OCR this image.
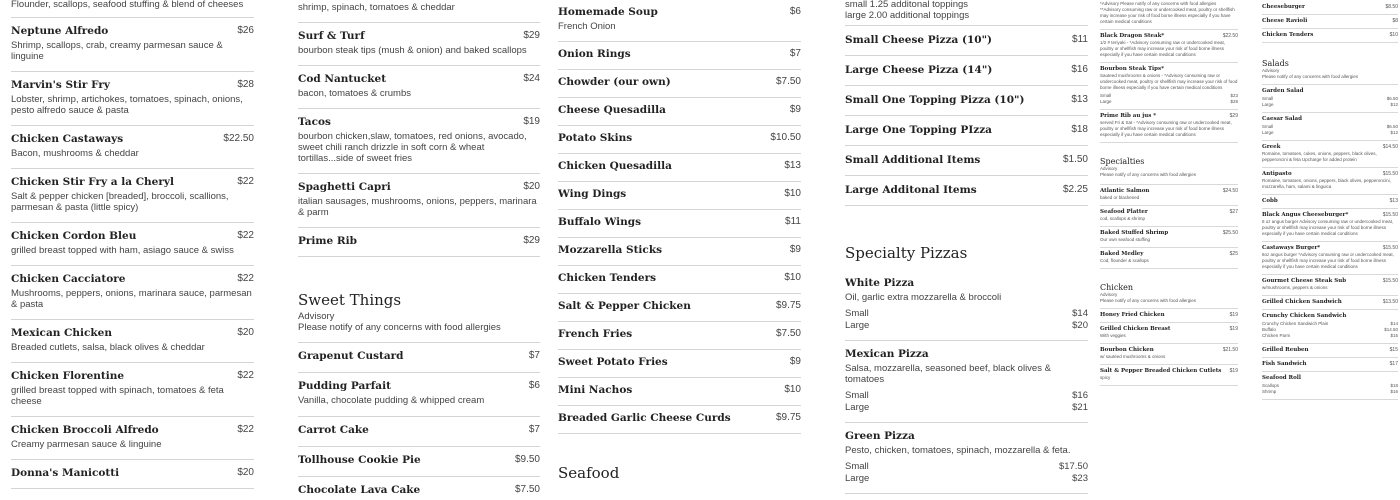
Flounder, scallops, seafood stuffing & blend of cheeses
Neptune Alfredo
Shrimp, scallops, crab, creamy parmesan sauce & linguine
$26
Marvin's Stir Fry
Lobster, shrimp, artichokes, tomatoes, spinach, onions, pesto alfredo sauce & pasta
$28
Chicken Castaways
Bacon, mushrooms & cheddar
$22.50
Chicken Stir Fry a la Cheryl
Salt & pepper chicken [breaded], broccoli, scallions, parmesan & pasta (little spicy)
$22
Chicken Cordon Bleu
grilled breast topped with ham, asiago sauce & swiss
$22
Chicken Cacciatore
Mushrooms, peppers, onions, marinara sauce, parmesan & pasta
$22
Mexican Chicken
Breaded cutlets, salsa, black olives & cheddar
$20
Chicken Florentine
grilled breast topped with spinach, tomatoes & feta cheese
$22
Chicken Broccoli Alfredo
Creamy parmesan sauce & linguine
$22
Donna's Manicotti	$20
shrimp, spinach, tomatoes & cheddar
Surf & Turf
bourbon steak tips (mush & onion) and baked scallops
$29
Cod Nantucket
bacon, tomatoes & crumbs
$24
Tacos
bourbon chicken,slaw, tomatoes, red onions, avocado, sweet chili ranch drizzle in soft corn & wheat tortillas...side of sweet fries
$19
Spaghetti Capri
italian sausages, mushrooms, onions, peppers, marinara & parm
$20
Prime Rib	$29
Sweet Things
Advisory
Please notify of any concerns with food allergies
Grapenut Custard	$7
Pudding Parfait
Vanilla, chocolate pudding & whipped cream
$6
Carrot Cake	$7
Tollhouse Cookie Pie	$9.50
Chocolate Lava Cake	$7.50
Homemade Soup
French Onion
$6
Onion Rings	$7
Chowder (our own)	$7.50
Cheese Quesadilla	$9
Potato Skins	$10.50
Chicken Quesadilla	$13
Wing Dings	$10
Buffalo Wings	$11
Mozzarella Sticks	$9
Chicken Tenders	$10
Salt & Pepper Chicken	$9.75
French Fries	$7.50
Sweet Potato Fries	$9
Mini Nachos	$10
Breaded Garlic Cheese Curds	$9.75
Seafood
small 1.25 additonal toppings
large 2.00 additional toppings
Small Cheese Pizza (10")	$11
Large Cheese Pizza (14")	$16
Small One Topping Pizza (10")	$13
Large One Topping PIzza	$18
Small Additional Items	$1.50
Large Additonal Items	$2.25
Specialty Pizzas
White Pizza
Oil, garlic extra mozzarella & broccoli
Small	$14
Large	$20
Mexican Pizza
Salsa, mozzarella, seasoned beef, black olives & tomatoes
Small	$16
Large	$21
Green Pizza
Pesto, chicken, tomatoes, spinach, mozzarella & feta.
Small	$17.50
Large	$23
*Advisory Please notify of any concerns with food allergies **Advisory consuming raw or undercooked meat, poultry or shellfish may increase your risk of food borne illness especially if you have certain medical conditions
Black Dragon Steak*
1/2 # teriyaki - *Advisory consuming raw or undercooked meat, poultry or shellfish may increase your risk of food borne illness especially if you have certain medical conditions
$22.50
Bourbon Steak Tips*
Sauteed mushrooms & onions - *Advisory consuming raw or undercooked meat, poultry or shellfish may increase your risk of food borne illness especially if you have certain medical conditions
Small	$23
Large	$28
Prime Rib au jus *
served Fri & Sat - *Advisory consuming raw or undercooked meat, poultry or shellfish may increase your risk of food borne illness especially if you have certain medical conditions
$29
Specialties
Advisory
Please notify of any concerns with food allergies
Atlantic Salmon
baked or blackened
$24.50
Seafood Platter
cod, scallops & shrimp
$27
Baked Stuffed Shrimp
Our own seafood stuffing
$25.50
Baked Medley
Cod, flounder & scallops
$25
Chicken
Advisory
Please notify of any concerns with food allergies
Honey Fried Chicken	$19
Grilled Chicken Breast
With veggies
$19
Bourbon Chicken
w/ sautéed mushrooms & onions
$21.50
Salt & Pepper Breaded Chicken Cutlets
spicy
$19
Cheeseburger	$8.50
Cheese Ravioli	$8
Chicken Tenders	$10
Salads
Advisory
Please notify of any concerns with food allergies
Garden Salad
Small	$6.50
Large	$12
Caesar Salad
Small	$6.50
Large	$12
Greek
Romaine, tomatoes, cukes, onions, peppers, black olives, pepperoncini & feta Upcharge for added protein
$14.50
Antipasto
Romaine, tomatoes, onions, peppers, black olives, pepperoncini, mozzarella, ham, salami & linguica
$15.50
Cobb	$13
Black Angus Cheeseburger*
8 oz angus burger Advisory consuming raw or undercooked meat, poultry or shellfish may increase your risk of food borne illness especially if you have certain medical conditions
$15.50
Castaways Burger*
8oz angus burger *Advisory consuming raw or undercooked meat, poultry or shellfish may increase your risk of food borne illness especially if you have certain medical conditions
$15.50
Gourmet Cheese Steak Sub
w/mushrooms, peppers & onions
$15.50
Grilled Chicken Sandwich	$13.50
Crunchy Chicken Sandwich
Crunchy Chicken Sandwich Plain	$14
Buffalo	$14.50
Chicken Parm	$15
Grilled Reuben	$15
Fish Sandwich	$17
Seafood Roll
Scallops	$18
Shrimp	$16
